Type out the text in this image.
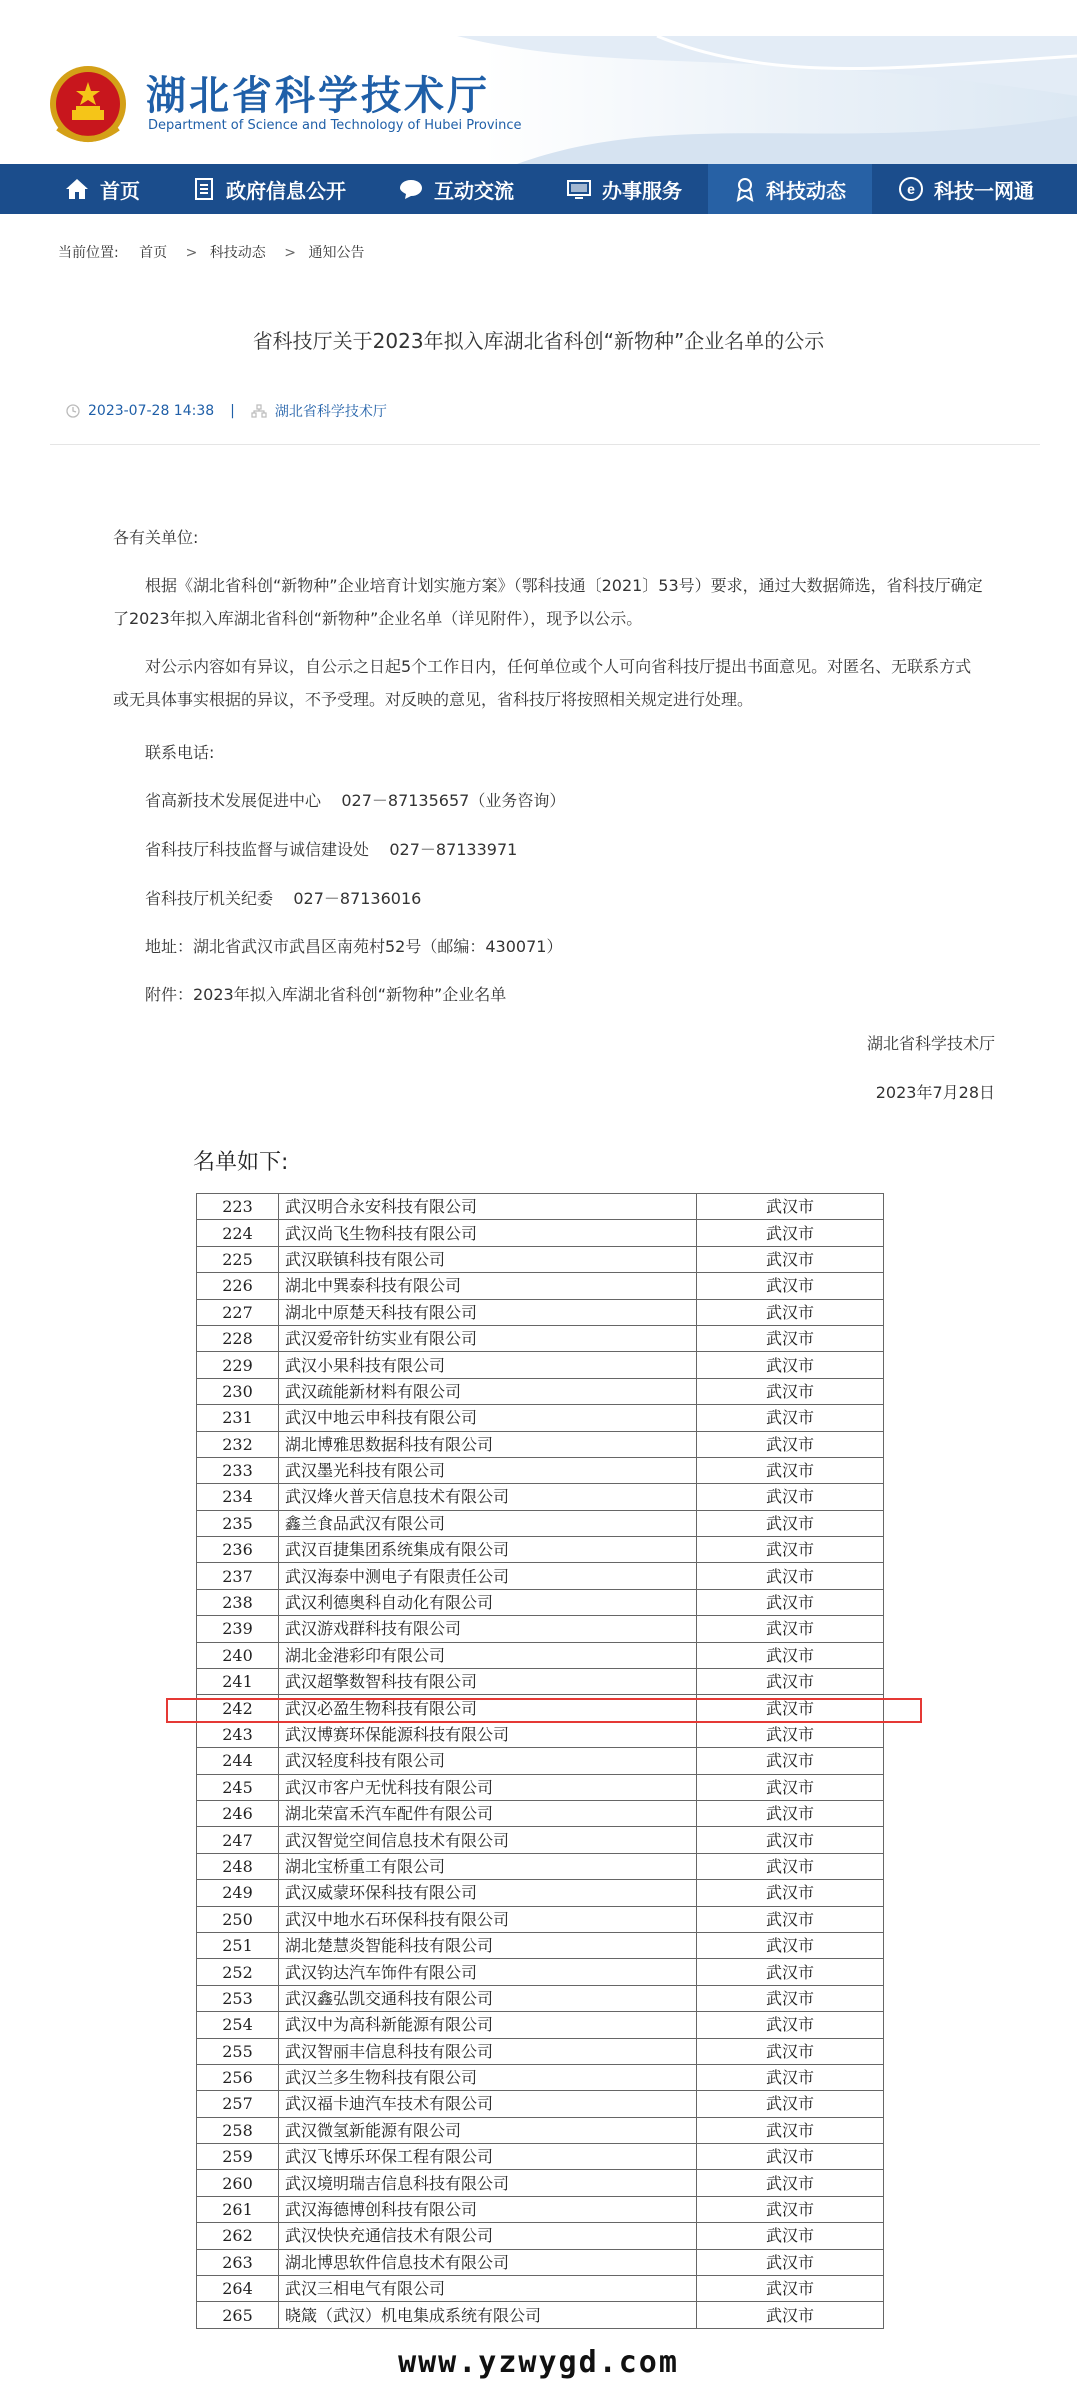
湖北省科学技术厅
Department of Science and Technology of Hubei Province
首页	政府信息公开	互动交流	办事服务	科技动态	e 科技一网通
当前位置: 首页 > 科技动态 > 通知公告
省科技厅关于2023年拟入库湖北省科创“新物种”企业名单的公示
2023-07-28 14:38 |	湖北省科学技术厅
各有关单位:
根据《湖北省科创“新物种”企业培育计划实施方案》（鄂科技通〔2021〕53号）要求，通过大数据筛选，省科技厅确定了2023年拟入库湖北省科创“新物种”企业名单（详见附件），现予以公示。
对公示内容如有异议，自公示之日起5个工作日内，任何单位或个人可向省科技厅提出书面意见。对匿名、无联系方式或无具体事实根据的异议，不予受理。对反映的意见，省科技厅将按照相关规定进行处理。
联系电话:
省高新技术发展促进中心    027－87135657（业务咨询）
省科技厅科技监督与诚信建设处    027－87133971
省科技厅机关纪委    027－87136016
地址：湖北省武汉市武昌区南苑村52号（邮编：430071）
附件：2023年拟入库湖北省科创“新物种”企业名单
湖北省科学技术厅
2023年7月28日
名单如下:
223	武汉明合永安科技有限公司	武汉市
224	武汉尚飞生物科技有限公司	武汉市
225	武汉联镇科技有限公司	武汉市
226	湖北中巽泰科技有限公司	武汉市
227	湖北中原楚天科技有限公司	武汉市
228	武汉爱帝针纺实业有限公司	武汉市
229	武汉小果科技有限公司	武汉市
230	武汉疏能新材料有限公司	武汉市
231	武汉中地云申科技有限公司	武汉市
232	湖北博雅思数据科技有限公司	武汉市
233	武汉墨光科技有限公司	武汉市
234	武汉烽火普天信息技术有限公司	武汉市
235	鑫兰食品武汉有限公司	武汉市
236	武汉百捷集团系统集成有限公司	武汉市
237	武汉海泰中测电子有限责任公司	武汉市
238	武汉利德奥科自动化有限公司	武汉市
239	武汉游戏群科技有限公司	武汉市
240	湖北金港彩印有限公司	武汉市
241	武汉超擎数智科技有限公司	武汉市
242	武汉必盈生物科技有限公司	武汉市
243	武汉博赛环保能源科技有限公司	武汉市
244	武汉轻度科技有限公司	武汉市
245	武汉市客户无忧科技有限公司	武汉市
246	湖北荣富禾汽车配件有限公司	武汉市
247	武汉智觉空间信息技术有限公司	武汉市
248	湖北宝桥重工有限公司	武汉市
249	武汉威蒙环保科技有限公司	武汉市
250	武汉中地水石环保科技有限公司	武汉市
251	湖北楚慧炎智能科技有限公司	武汉市
252	武汉钧达汽车饰件有限公司	武汉市
253	武汉鑫弘凯交通科技有限公司	武汉市
254	武汉中为高科新能源有限公司	武汉市
255	武汉智丽丰信息科技有限公司	武汉市
256	武汉兰多生物科技有限公司	武汉市
257	武汉福卡迪汽车技术有限公司	武汉市
258	武汉微氢新能源有限公司	武汉市
259	武汉飞博乐环保工程有限公司	武汉市
260	武汉境明瑞吉信息科技有限公司	武汉市
261	武汉海德博创科技有限公司	武汉市
262	武汉快快充通信技术有限公司	武汉市
263	湖北博思软件信息技术有限公司	武汉市
264	武汉三相电气有限公司	武汉市
265	晓箴（武汉）机电集成系统有限公司	武汉市
www.yzwygd.com
